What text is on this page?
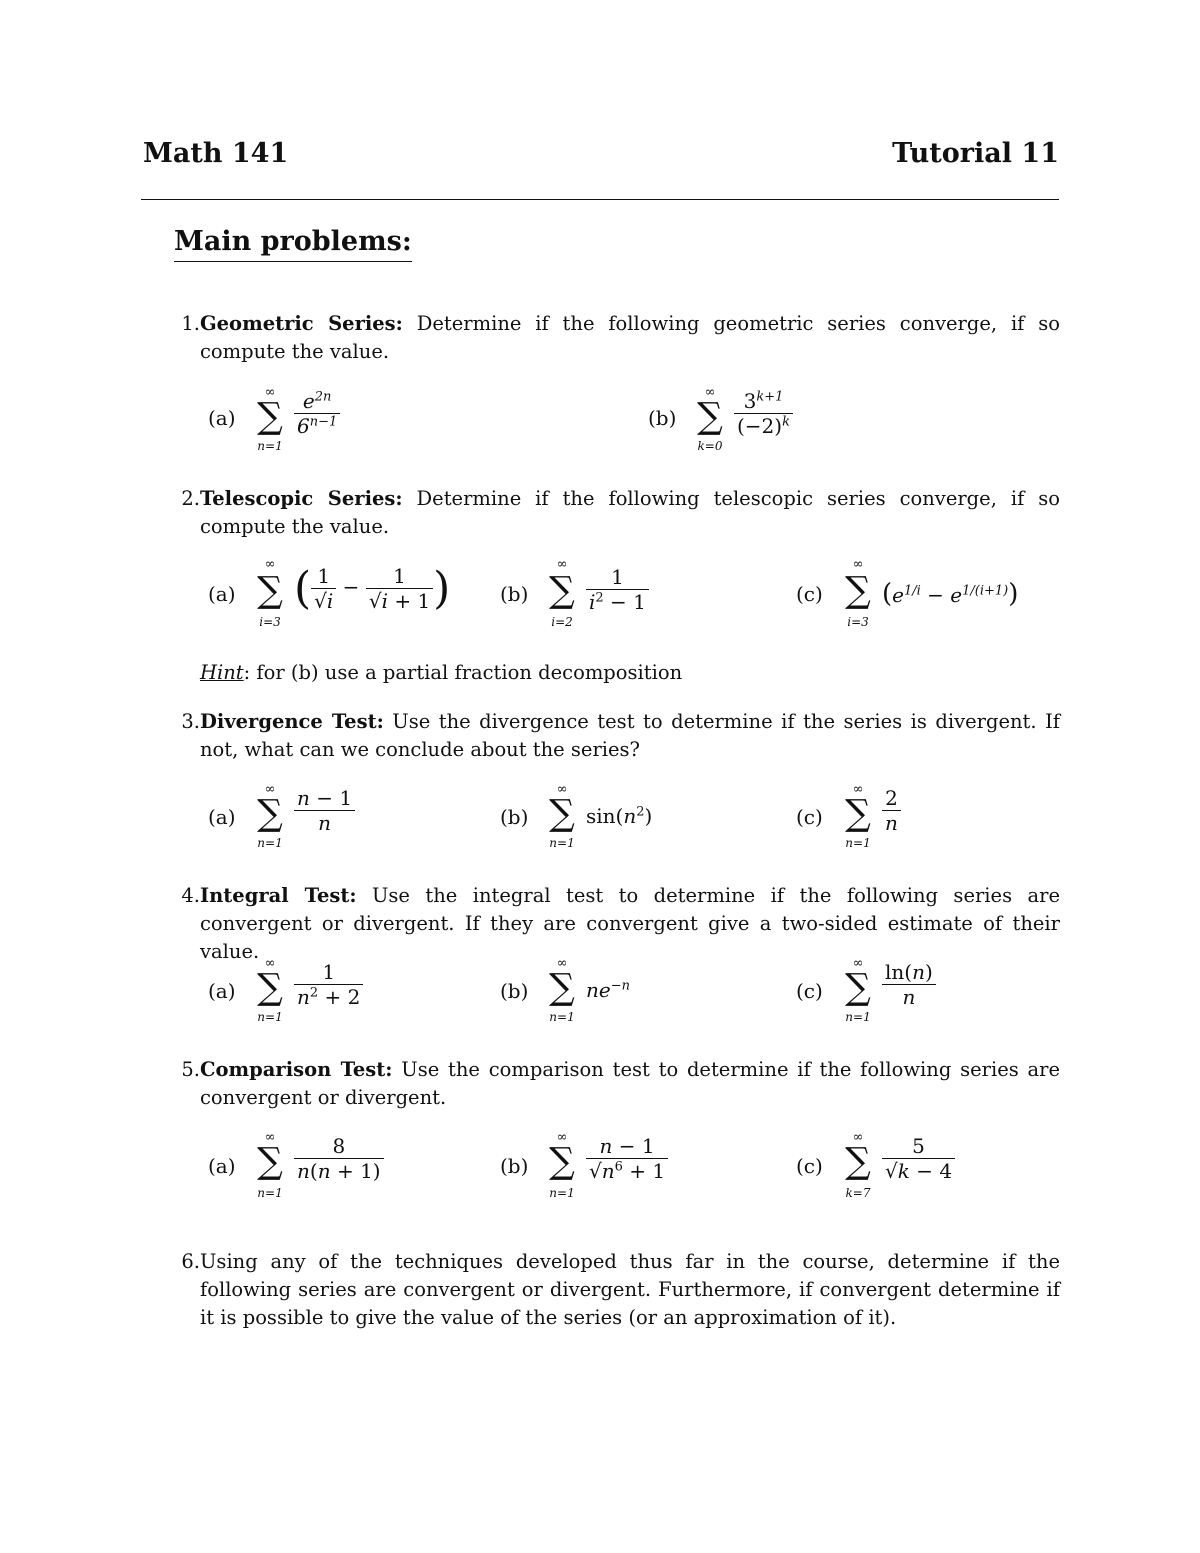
Math 141	Tutorial 11
Main problems:
1. Geometric Series: Determine if the following geometric series converge, if so compute the value.
(a)
∞
∑
n=1
$\frac{e^{2n}}{6^{n-1}}$	(b)
∞
∑
k=0
$\frac{3^{k+1}}{(-2)^k}$
2. Telescopic Series: Determine if the following telescopic series converge, if so compute the value.
(a)
∞
∑
i=3
( $\frac{1}{√i} - \frac{1}{√i + 1}$ ) (b)
∞
∑
i=2
$\frac{1}{i^2 - 1}$	(c)
∞
∑
i=3
$(e^{1/i} - e^{1/(i+1)})$
Hint: for (b) use a partial fraction decomposition
3. Divergence Test: Use the divergence test to determine if the series is divergent. If not, what can we conclude about the series?
(a)
∞
∑
n=1
$\frac{n - 1}{n}$	(b)
∞
∑
n=1
$\sin(n^2)$	(c)
∞
∑
n=1
$\frac{2}{n}$
4. Integral Test: Use the integral test to determine if the following series are convergent or divergent. If they are convergent give a two-sided estimate of their value.
(a)
∞
∑
n=1
$\frac{1}{n^2 + 2}$	(b)
∞
∑
n=1
$ne^{-n}$	(c)
∞
∑
n=1
$\frac{\ln(n)}{n}$
5. Comparison Test: Use the comparison test to determine if the following series are convergent or divergent.
(a)
∞
∑
n=1
$\frac{8}{n(n + 1)}$	(b)
∞
∑
n=1
$\frac{n - 1}{√n^6 + 1}$	(c)
∞
∑
k=7
$\frac{5}{√k - 4}$
6. Using any of the techniques developed thus far in the course, determine if the following series are convergent or divergent. Furthermore, if convergent determine if it is possible to give the value of the series (or an approximation of it).
